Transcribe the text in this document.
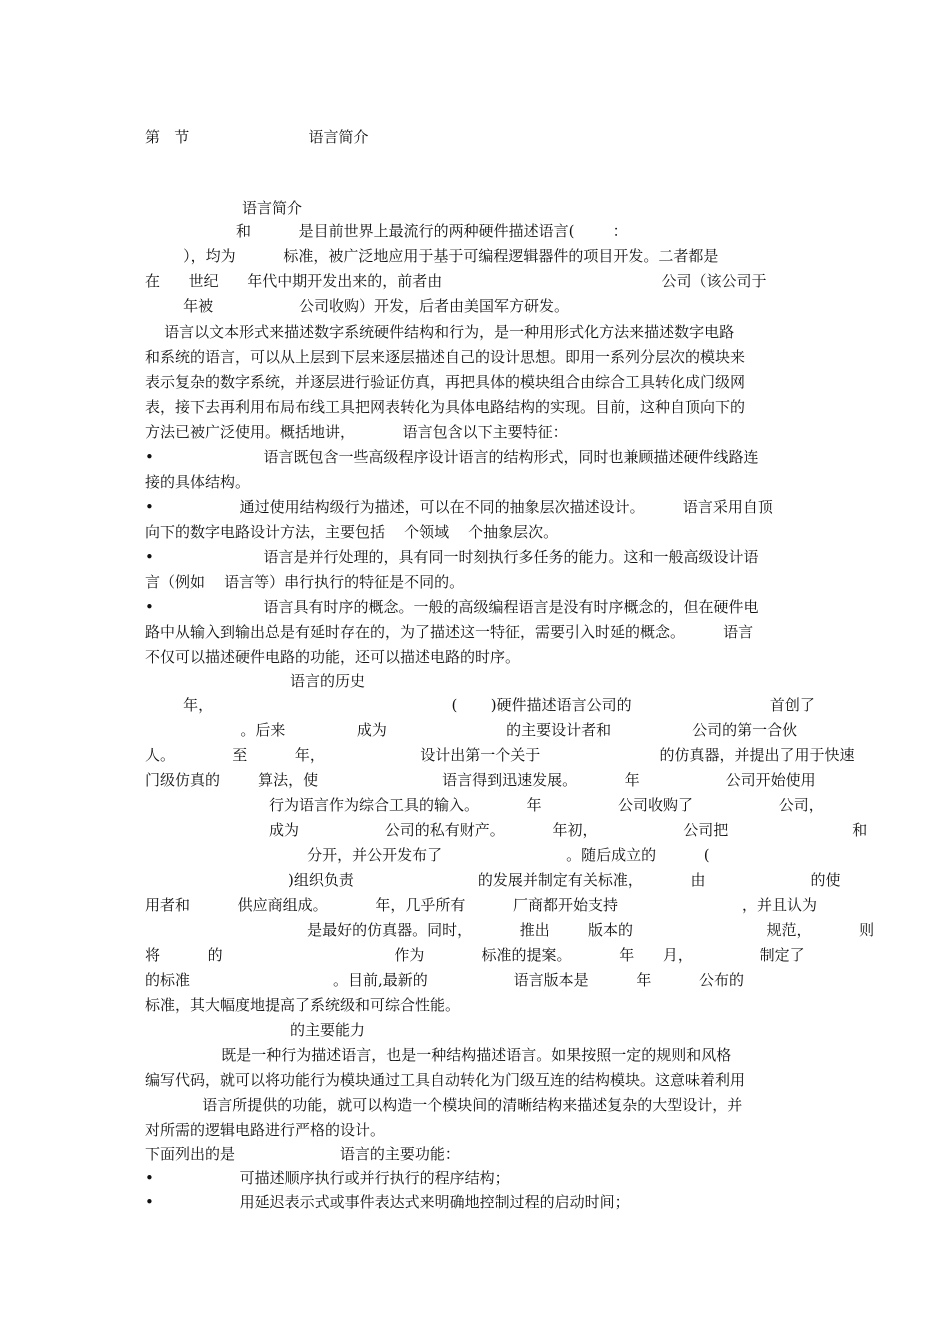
第   节                         语言简介
语言简介
和          是目前世界上最流行的两种硬件描述语言(        ：
），均为          标准，被广泛地应用于基于可编程逻辑器件的项目开发。二者都是
在      世纪      年代中期开发出来的，前者由                                              公司（该公司于
年被                  公司收购）开发，后者由美国军方研发。
语言以文本形式来描述数字系统硬件结构和行为，是一种用形式化方法来描述数字电路
和系统的语言，可以从上层到下层来逐层描述自己的设计思想。即用一系列分层次的模块来
表示复杂的数字系统，并逐层进行验证仿真，再把具体的模块组合由综合工具转化成门级网
表，接下去再利用布局布线工具把网表转化为具体电路结构的实现。目前，这种自顶向下的
方法已被广泛使用。概括地讲，          语言包含以下主要特征：
•                       语言既包含一些高级程序设计语言的结构形式，同时也兼顾描述硬件线路连
接的具体结构。
•                  通过使用结构级行为描述，可以在不同的抽象层次描述设计。        语言采用自顶
向下的数字电路设计方法，主要包括    个领域    个抽象层次。
•                       语言是并行处理的，具有同一时刻执行多任务的能力。这和一般高级设计语
言（例如    语言等）串行执行的特征是不同的。
•                       语言具有时序的概念。一般的高级编程语言是没有时序概念的，但在硬件电
路中从输入到输出总是有延时存在的，为了描述这一特征，需要引入时延的概念。        语言
不仅可以描述硬件电路的功能，还可以描述电路的时序。
语言的历史
年，                                                  (       )硬件描述语言公司的                             首创了
。后来               成为                         的主要设计者和                 公司的第一合伙
人。            至          年，                    设计出第一个关于                         的仿真器，并提出了用于快速
门级仿真的        算法，使                          语言得到迅速发展。          年                  公司开始使用
行为语言作为综合工具的输入。          年                公司收购了                  公司，
成为                  公司的私有财产。          年初，                  公司把                          和
分开，并公开发布了                          。随后成立的          (
)组织负责                          的发展并制定有关标准，          由                      的使
用者和          供应商组成。          年，几乎所有          厂商都开始支持                          ，并且认为
是最好的仿真器。同时，          推出        版本的                            规范，          则
将          的                                    作为            标准的提案。          年      月，              制定了
的标准                              。目前,最新的                  语言版本是          年          公布的
标准，其大幅度地提高了系统级和可综合性能。
的主要能力
既是一种行为描述语言，也是一种结构描述语言。如果按照一定的规则和风格
编写代码，就可以将功能行为模块通过工具自动转化为门级互连的结构模块。这意味着利用
语言所提供的功能，就可以构造一个模块间的清晰结构来描述复杂的大型设计，并
对所需的逻辑电路进行严格的设计。
下面列出的是                      语言的主要功能：
•                  可描述顺序执行或并行执行的程序结构；
•                  用延迟表示式或事件表达式来明确地控制过程的启动时间；
